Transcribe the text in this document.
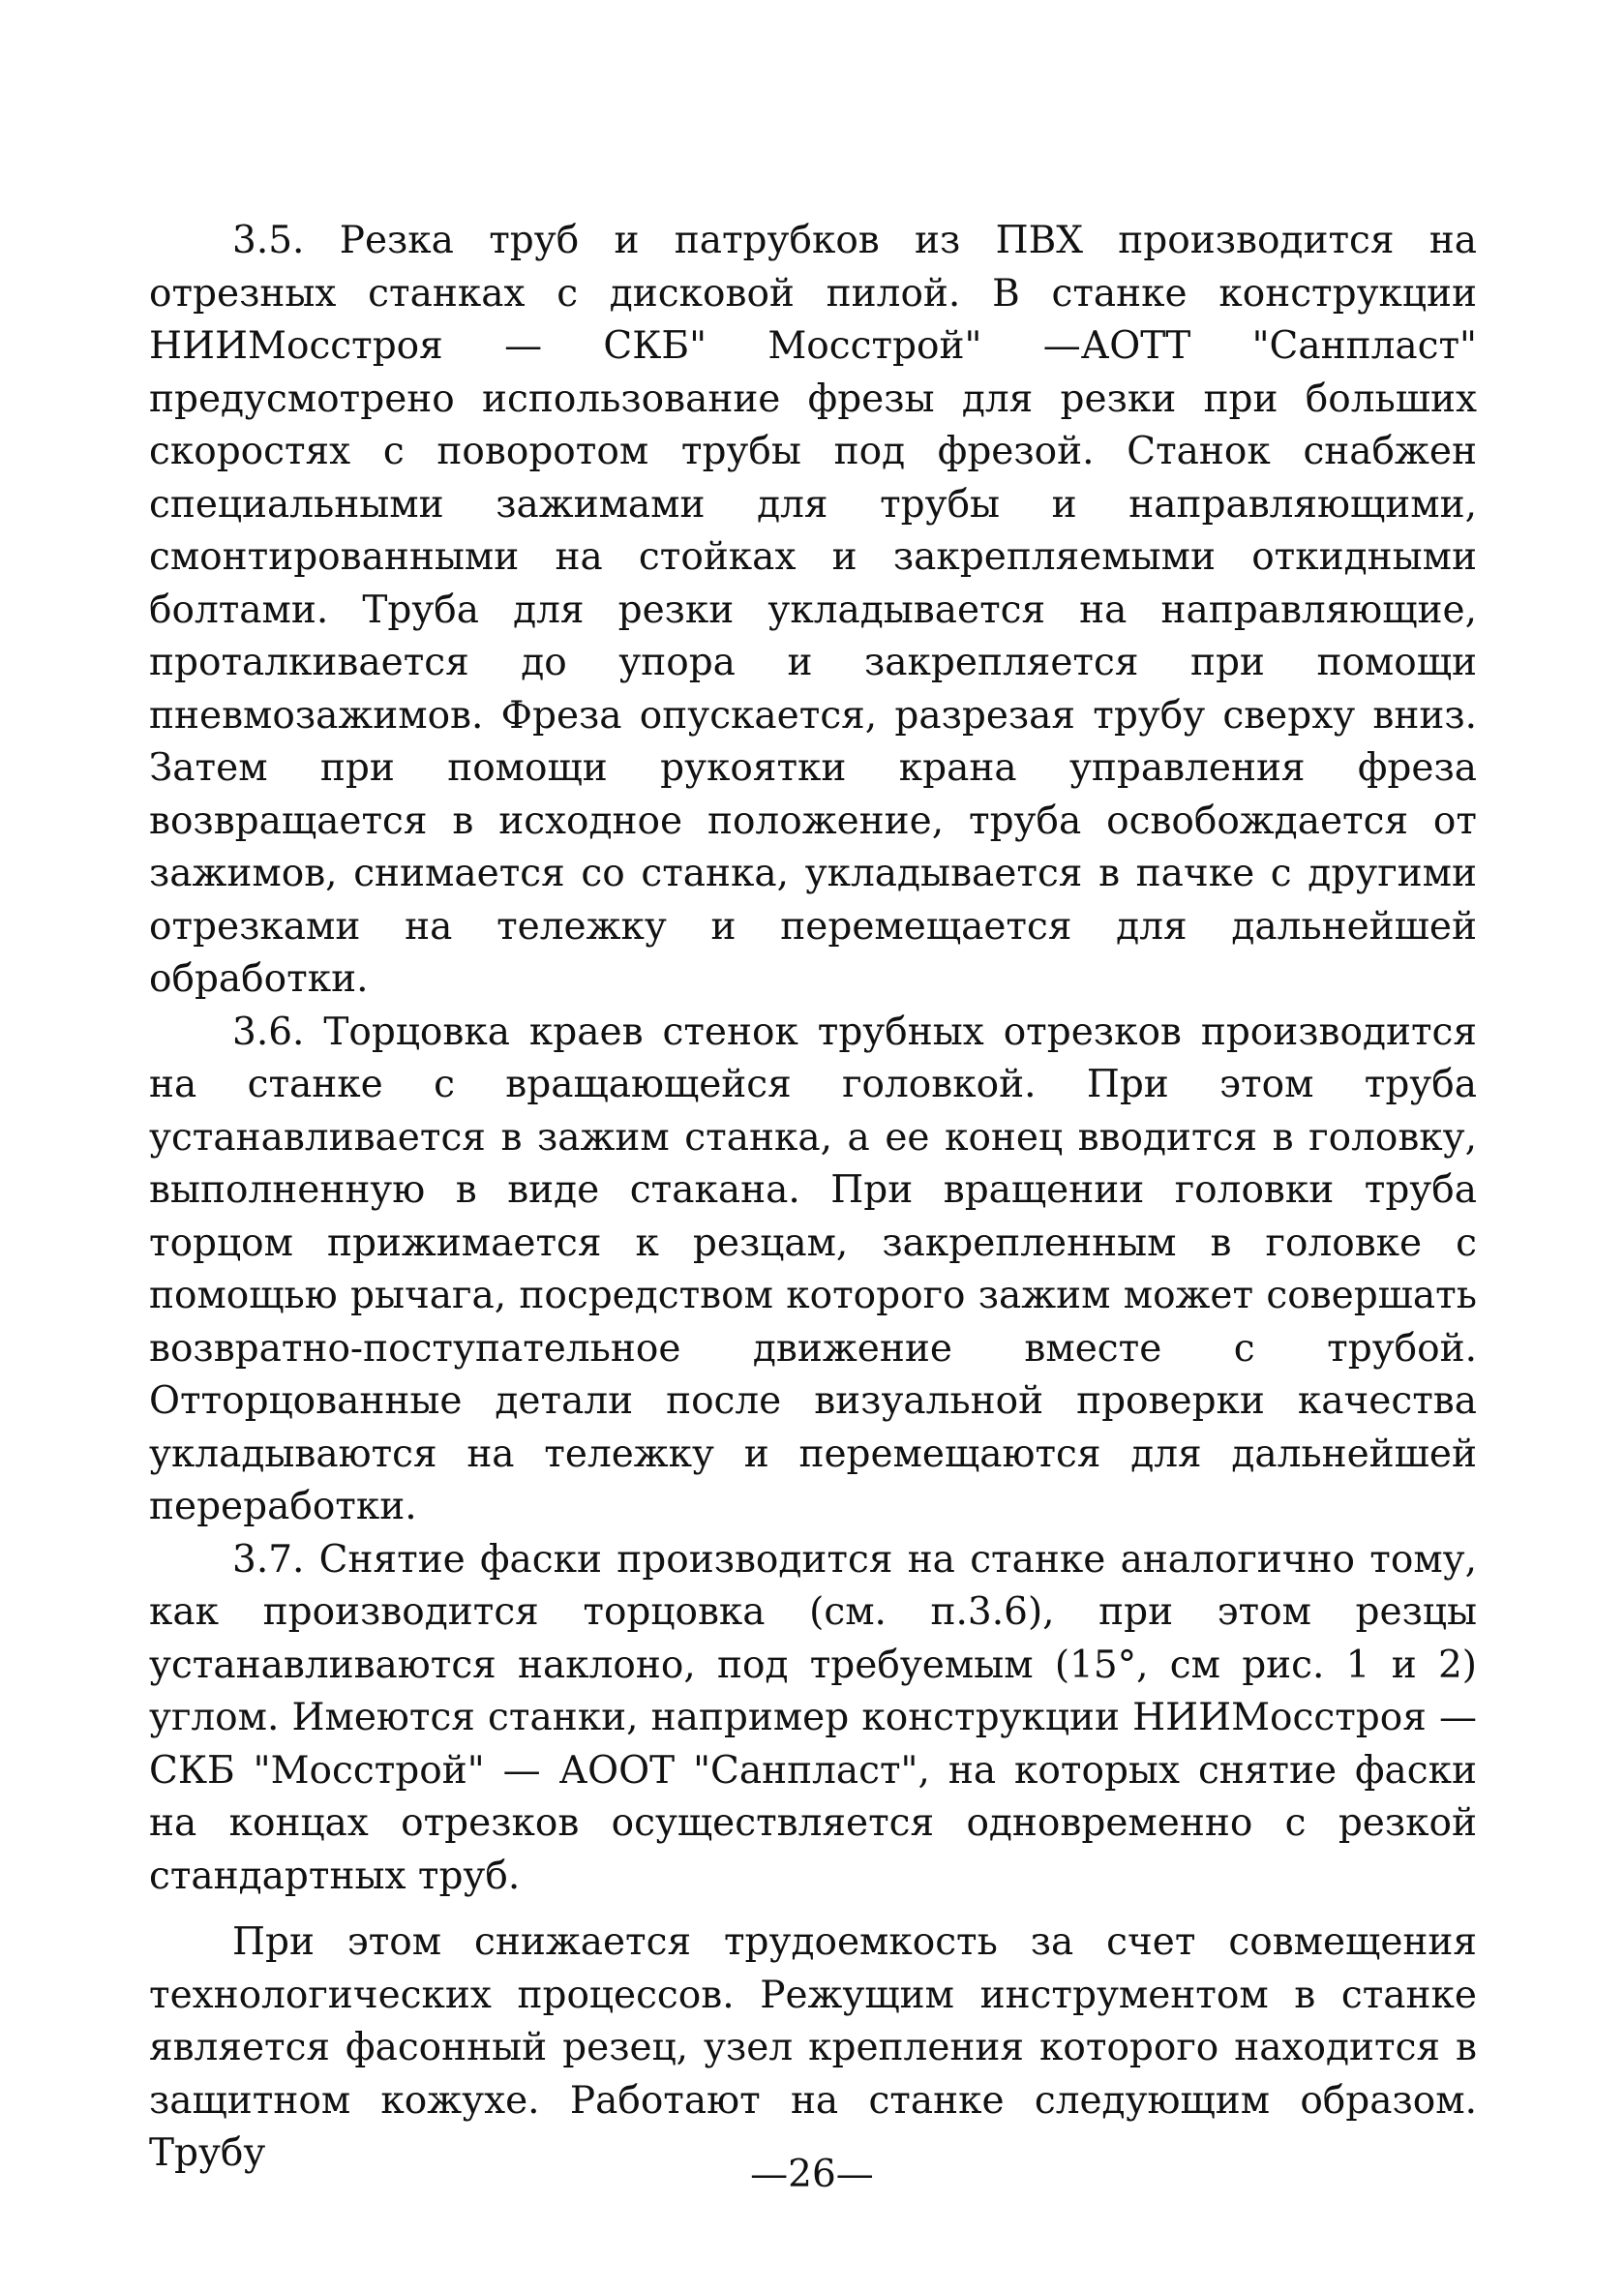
3.5. Резка труб и патрубков из ПВХ производится на отрезных станках с дисковой пилой. В станке конструкции НИИМосстроя — СКБ" Мосстрой" —АОТТ "Санпласт" предусмотрено использование фрезы для резки при больших скоростях с поворотом трубы под фрезой. Станок снабжен специальными зажимами для трубы и направляющими, смонтированными на стойках и закрепляемыми откидными болтами. Труба для резки укладывается на направляющие, проталкивается до упора и закрепляется при помощи пневмозажимов. Фреза опускается, разрезая трубу сверху вниз. Затем при помощи рукоятки крана управления фреза возвращается в исходное положение, труба освобождается от зажимов, снимается со станка, укладывается в пачке с другими отрезками на тележку и перемещается для дальнейшей обработки.

3.6. Торцовка краев стенок трубных отрезков производится на станке с вращающейся головкой. При этом труба устанавливается в зажим станка, а ее конец вводится в головку, выполненную в виде стакана. При вращении головки труба торцом прижимается к резцам, закрепленным в головке с помощью рычага, посредством которого зажим может совершать возвратно-поступательное движение вместе с трубой. Отторцованные детали после визуальной проверки качества укладываются на тележку и перемещаются для дальнейшей переработки.

3.7. Снятие фаски производится на станке аналогично тому, как производится торцовка (см. п.3.6), при этом резцы устанавливаются наклоно, под требуемым (15°, см рис. 1 и 2) углом. Имеются станки, например конструкции НИИМосстроя — СКБ "Мосстрой" — АООТ "Санпласт", на которых снятие фаски на концах отрезков осуществляется одновременно с резкой стандартных труб.

При этом снижается трудоемкость за счет совмещения технологических процессов. Режущим инструментом в станке является фасонный резец, узел крепления которого находится в защитном кожухе. Работают на станке следующим образом. Трубу	—26—
